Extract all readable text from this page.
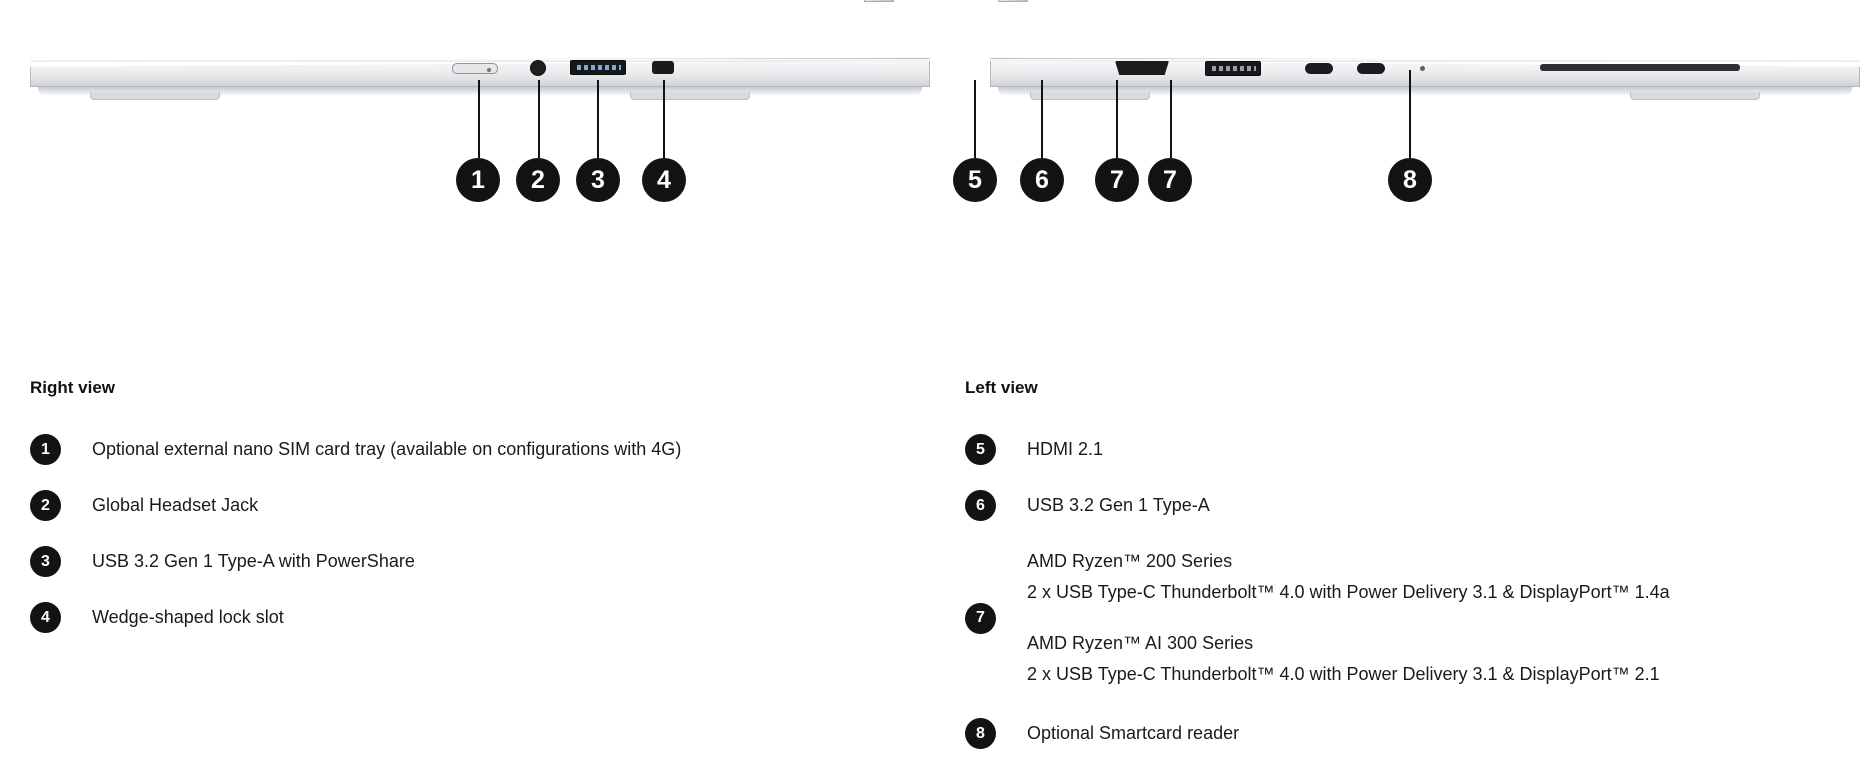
1	2	3	4	5	6	7	7	8
Right view
1	Optional external nano SIM card tray (available on configurations with 4G)
2	Global Headset Jack
3	USB 3.2 Gen 1 Type-A with PowerShare
4	Wedge-shaped lock slot
Left view
5	HDMI 2.1
6	USB 3.2 Gen 1 Type-A
7
AMD Ryzen™ 200 Series
2 x USB Type-C Thunderbolt™ 4.0 with Power Delivery 3.1 & DisplayPort™ 1.4a
AMD Ryzen™ AI 300 Series
2 x USB Type-C Thunderbolt™ 4.0 with Power Delivery 3.1 & DisplayPort™ 2.1
8	Optional Smartcard reader
